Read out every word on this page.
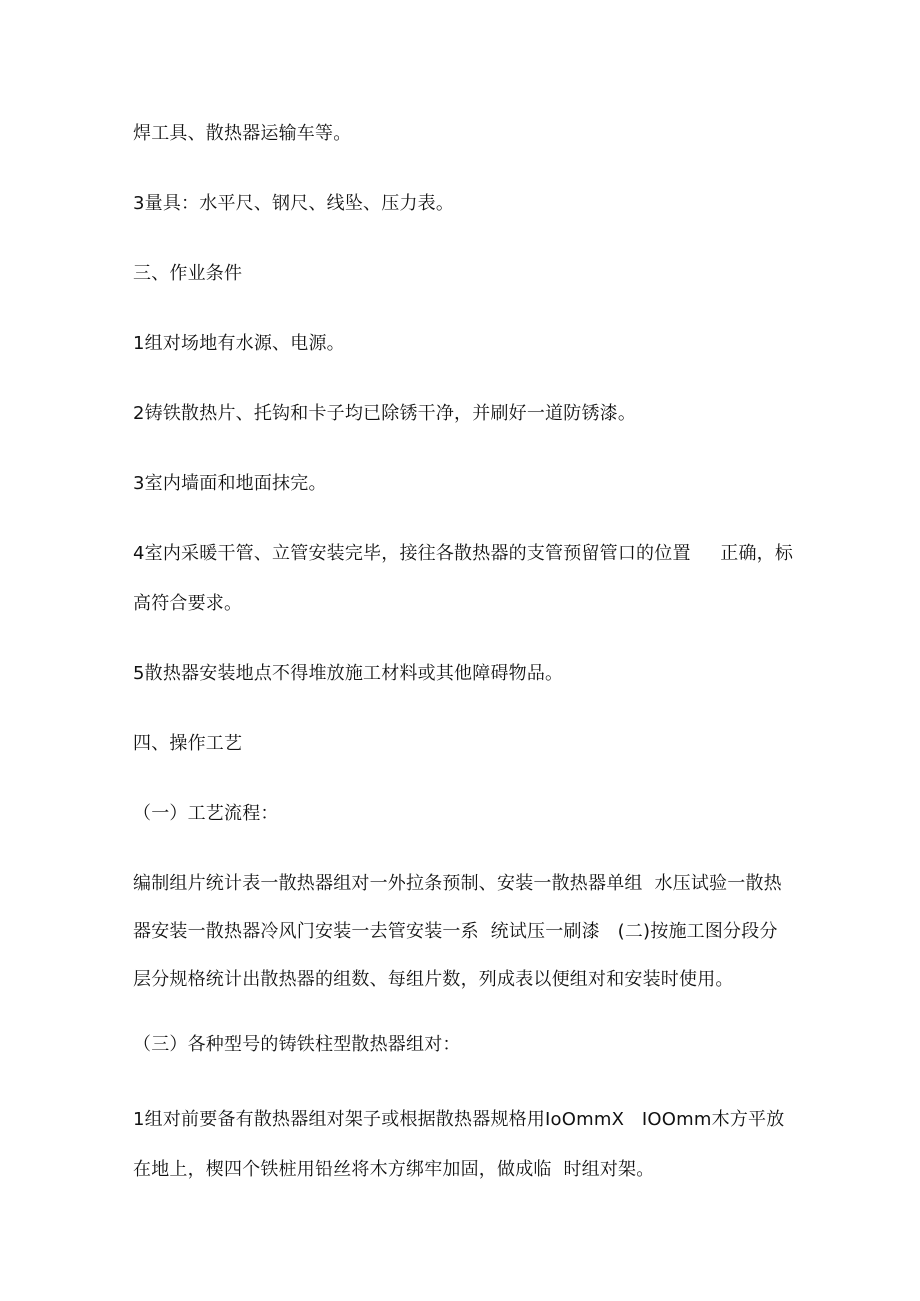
焊工具、散热器运输车等。
3量具：水平尺、钢尺、线坠、压力表。
三、作业条件
1组对场地有水源、电源。
2铸铁散热片、托钩和卡子均已除锈干净，并刷好一道防锈漆。
3室内墙面和地面抹完。
4室内采暖干管、立管安装完毕，接往各散热器的支管预留管口的位置     正确，标
高符合要求。
5散热器安装地点不得堆放施工材料或其他障碍物品。
四、操作工艺
（一）工艺流程：
编制组片统计表一散热器组对一外拉条预制、安装一散热器单组  水压试验一散热
器安装一散热器冷风门安装一去管安装一系  统试压一刷漆   (二)按施工图分段分
层分规格统计出散热器的组数、每组片数，列成表以便组对和安装时使用。
（三）各种型号的铸铁柱型散热器组对：
1组对前要备有散热器组对架子或根据散热器规格用IoOmmX   IOOmm木方平放
在地上，楔四个铁桩用铅丝将木方绑牢加固，做成临  时组对架。
